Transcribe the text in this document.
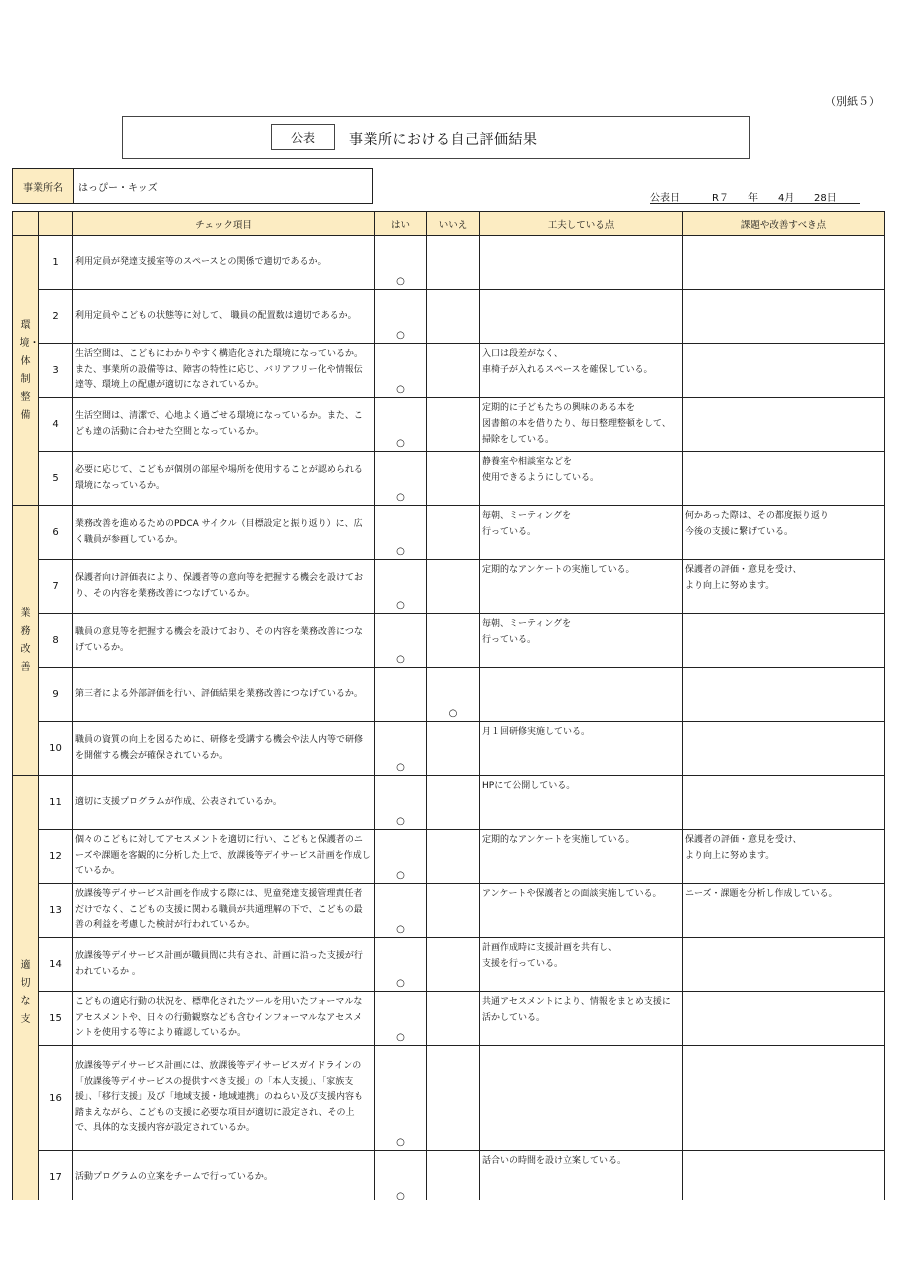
（別紙５）
公表	事業所における自己評価結果
事業所名	はっぴー・キッズ
公表日	R７ 年 4月 28日
		チェック項目	はい	いいえ	工夫している点	課題や改善すべき点

環境・体制整備	1	利用定員が発達支援室等のスペースとの関係で適切であるか。	○			

	2	利用定員やこどもの状態等に対して、 職員の配置数は適切であるか。	○			

	3	生活空間は、こどもにわかりやすく構造化された環境になっているか。また、事業所の設備等は、障害の特性に応じ、バリアフリー化や情報伝達等、環境上の配慮が適切になされているか。	○		入口は段差がなく、
車椅子が入れるスペースを確保している。	

	4	生活空間は、清潔で、心地よく過ごせる環境になっているか。また、こども達の活動に合わせた空間となっているか。	○		定期的に子どもたちの興味のある本を
図書館の本を借りたり、毎日整理整頓をして、掃除をしている。	

	5	必要に応じて、こどもが個別の部屋や場所を使用することが認められる環境になっているか。	○		静養室や相談室などを
使用できるようにしている。	

業務改善	6	業務改善を進めるためのPDCA サイクル（目標設定と振り返り）に、広く職員が参画しているか。	○		毎朝、ミーティングを
行っている。	何かあった際は、その都度振り返り
今後の支援に繋げている。

	7	保護者向け評価表により、保護者等の意向等を把握する機会を設けており、その内容を業務改善につなげているか。	○		定期的なアンケートの実施している。	保護者の評価・意見を受け、
より向上に努めます。

	8	職員の意見等を把握する機会を設けており、その内容を業務改善につなげているか。	○		毎朝、ミーティングを
行っている。	

	9	第三者による外部評価を行い、評価結果を業務改善につなげているか。		○		

	10	職員の資質の向上を図るために、研修を受講する機会や法人内等で研修を開催する機会が確保されているか。	○		月１回研修実施している。	

適切な支	11	適切に支援プログラムが作成、公表されているか。	○		HPにて公開している。	

	12	個々のこどもに対してアセスメントを適切に行い、こどもと保護者のニーズや課題を客観的に分析した上で、放課後等デイサービス計画を作成しているか。	○		定期的なアンケートを実施している。	保護者の評価・意見を受け、
より向上に努めます。

	13	放課後等デイサービス計画を作成する際には、児童発達支援管理責任者だけでなく、こどもの支援に関わる職員が共通理解の下で、こどもの最善の利益を考慮した検討が行われているか。	○		アンケートや保護者との面談実施している。	ニーズ・課題を分析し作成している。

	14	放課後等デイサービス計画が職員間に共有され、計画に沿った支援が行われているか 。	○		計画作成時に支援計画を共有し、
支援を行っている。	

	15	こどもの適応行動の状況を、標準化されたツールを用いたフォーマルなアセスメントや、日々の行動観察なども含むインフォーマルなアセスメントを使用する等により確認しているか。	○		共通アセスメントにより、情報をまとめ支援に活かしている。	

	16	放課後等デイサービス計画には、放課後等デイサービスガイドラインの「放課後等デイサービスの提供すべき支援」の「本人支援」、「家族支援」、「移行支援」及び「地域支援・地域連携」のねらい及び支援内容も踏まえながら、こどもの支援に必要な項目が適切に設定され、その上で、具体的な支援内容が設定されているか。	○			

	17	活動プログラムの立案をチームで行っているか。	○		話合いの時間を設け立案している。	
